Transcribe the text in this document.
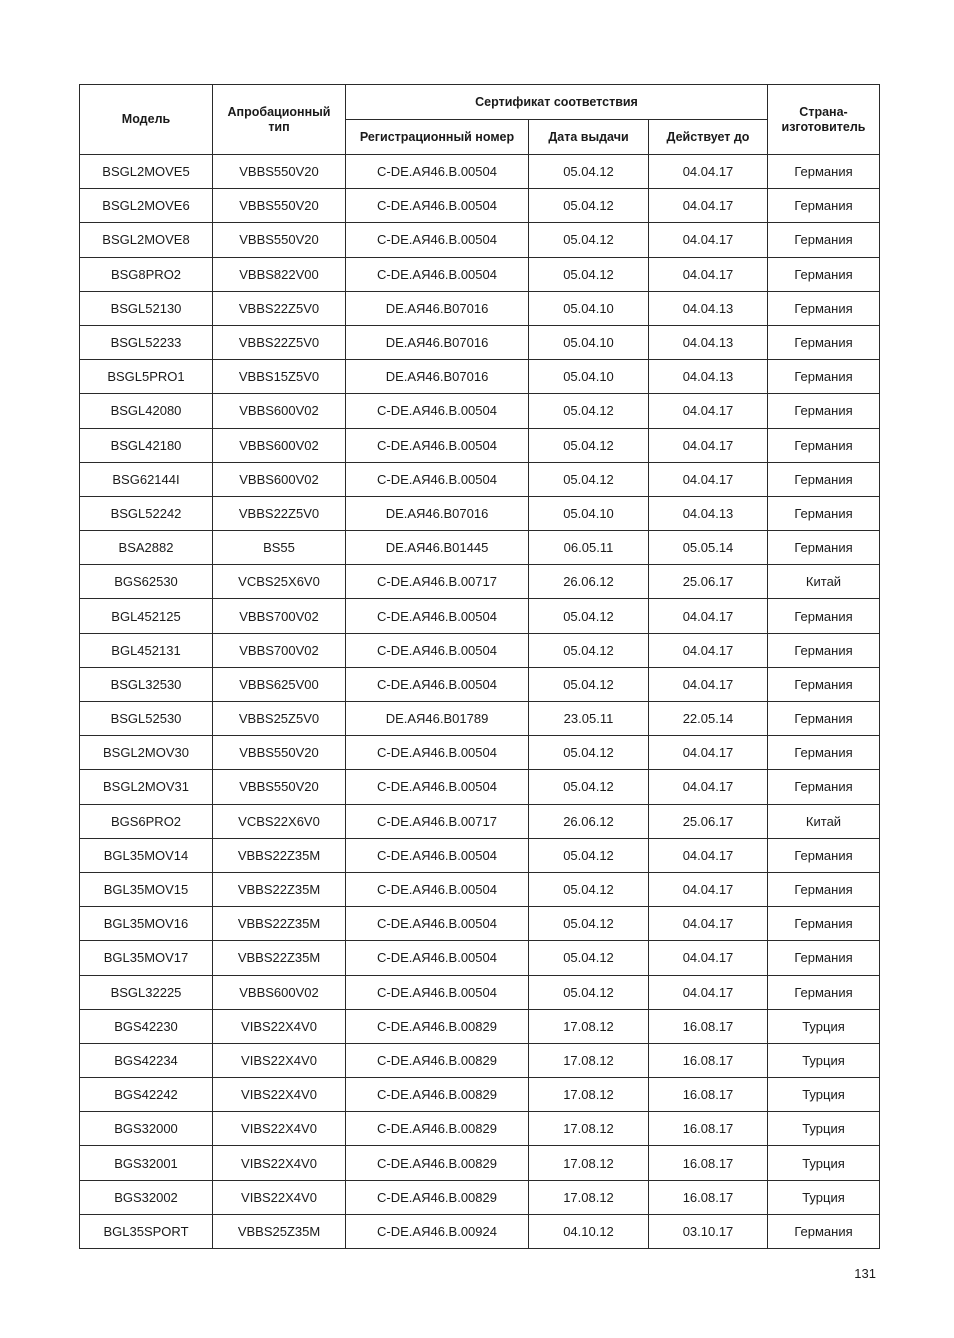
Модель	Апробационный тип	Сертификат соответствия			Страна-изготовитель
		Регистрационный номер	Дата выдачи	Действует до	
BSGL2MOVE5	VBBS550V20	C-DE.АЯ46.В.00504	05.04.12	04.04.17	Германия
BSGL2MOVE6	VBBS550V20	C-DE.АЯ46.В.00504	05.04.12	04.04.17	Германия
BSGL2MOVE8	VBBS550V20	C-DE.АЯ46.В.00504	05.04.12	04.04.17	Германия
BSG8PRO2	VBBS822V00	C-DE.АЯ46.В.00504	05.04.12	04.04.17	Германия
BSGL52130	VBBS22Z5V0	DE.АЯ46.В07016	05.04.10	04.04.13	Германия
BSGL52233	VBBS22Z5V0	DE.АЯ46.В07016	05.04.10	04.04.13	Германия
BSGL5PRO1	VBBS15Z5V0	DE.АЯ46.В07016	05.04.10	04.04.13	Германия
BSGL42080	VBBS600V02	C-DE.АЯ46.В.00504	05.04.12	04.04.17	Германия
BSGL42180	VBBS600V02	C-DE.АЯ46.В.00504	05.04.12	04.04.17	Германия
BSG62144I	VBBS600V02	C-DE.АЯ46.В.00504	05.04.12	04.04.17	Германия
BSGL52242	VBBS22Z5V0	DE.АЯ46.В07016	05.04.10	04.04.13	Германия
BSA2882	BS55	DE.АЯ46.В01445	06.05.11	05.05.14	Германия
BGS62530	VCBS25X6V0	C-DE.АЯ46.В.00717	26.06.12	25.06.17	Китай
BGL452125	VBBS700V02	C-DE.АЯ46.В.00504	05.04.12	04.04.17	Германия
BGL452131	VBBS700V02	C-DE.АЯ46.В.00504	05.04.12	04.04.17	Германия
BSGL32530	VBBS625V00	C-DE.АЯ46.В.00504	05.04.12	04.04.17	Германия
BSGL52530	VBBS25Z5V0	DE.АЯ46.В01789	23.05.11	22.05.14	Германия
BSGL2MOV30	VBBS550V20	C-DE.АЯ46.В.00504	05.04.12	04.04.17	Германия
BSGL2MOV31	VBBS550V20	C-DE.АЯ46.В.00504	05.04.12	04.04.17	Германия
BGS6PRO2	VCBS22X6V0	C-DE.АЯ46.В.00717	26.06.12	25.06.17	Китай
BGL35MOV14	VBBS22Z35M	C-DE.АЯ46.В.00504	05.04.12	04.04.17	Германия
BGL35MOV15	VBBS22Z35M	C-DE.АЯ46.В.00504	05.04.12	04.04.17	Германия
BGL35MOV16	VBBS22Z35M	C-DE.АЯ46.В.00504	05.04.12	04.04.17	Германия
BGL35MOV17	VBBS22Z35M	C-DE.АЯ46.В.00504	05.04.12	04.04.17	Германия
BSGL32225	VBBS600V02	C-DE.АЯ46.В.00504	05.04.12	04.04.17	Германия
BGS42230	VIBS22X4V0	C-DE.АЯ46.В.00829	17.08.12	16.08.17	Турция
BGS42234	VIBS22X4V0	C-DE.АЯ46.В.00829	17.08.12	16.08.17	Турция
BGS42242	VIBS22X4V0	C-DE.АЯ46.В.00829	17.08.12	16.08.17	Турция
BGS32000	VIBS22X4V0	C-DE.АЯ46.В.00829	17.08.12	16.08.17	Турция
BGS32001	VIBS22X4V0	C-DE.АЯ46.В.00829	17.08.12	16.08.17	Турция
BGS32002	VIBS22X4V0	C-DE.АЯ46.В.00829	17.08.12	16.08.17	Турция
BGL35SPORT	VBBS25Z35M	C-DE.АЯ46.В.00924	04.10.12	03.10.17	Германия
131
